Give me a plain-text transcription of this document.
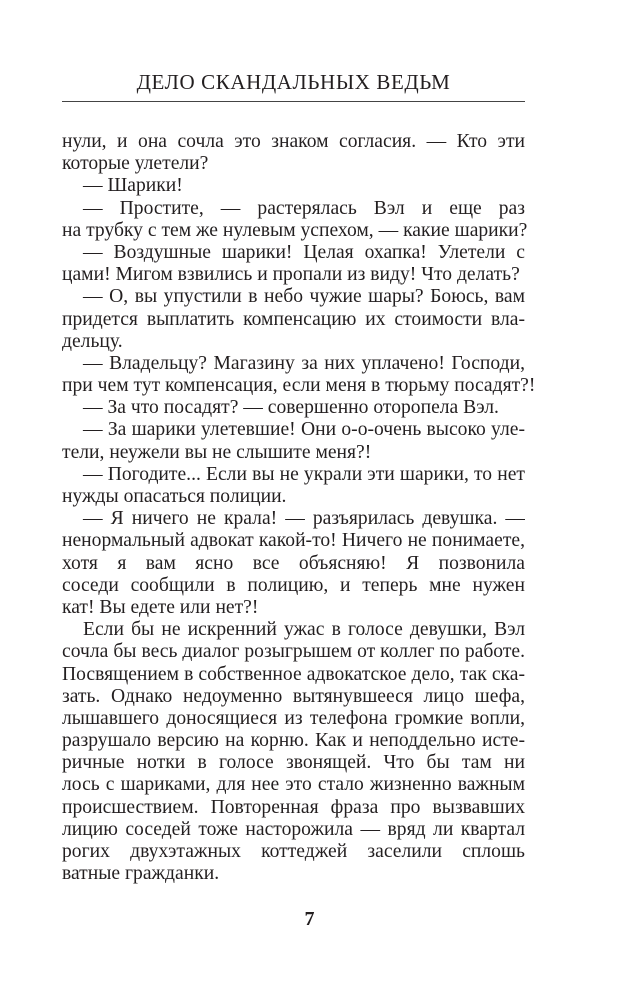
ДЕЛО СКАНДАЛЬНЫХ ВЕДЬМ
нули, и она сочла это знаком согласия. — Кто эти
которые улетели?
— Шарики!
— Простите, — растерялась Вэл и еще раз
на трубку с тем же нулевым успехом, — какие шарики?
— Воздушные шарики! Целая охапка! Улетели с
цами! Мигом взвились и пропали из виду! Что делать?
— О, вы упустили в небо чужие шары? Боюсь, вам
придется выплатить компенсацию их стоимости вла-
дельцу.
— Владельцу? Магазину за них уплачено! Господи,
при чем тут компенсация, если меня в тюрьму посадят?!
— За что посадят? — совершенно оторопела Вэл.
— За шарики улетевшие! Они о-о-очень высоко уле-
тели, неужели вы не слышите меня?!
— Погодите... Если вы не украли эти шарики, то нет
нужды опасаться полиции.
— Я ничего не крала! — разъярилась девушка. —
ненормальный адвокат какой-то! Ничего не понимаете,
хотя я вам ясно все объясняю! Я позвонила
соседи сообщили в полицию, и теперь мне нужен
кат! Вы едете или нет?!
Если бы не искренний ужас в голосе девушки, Вэл
сочла бы весь диалог розыгрышем от коллег по работе.
Посвящением в собственное адвокатское дело, так ска-
зать. Однако недоуменно вытянувшееся лицо шефа,
лышавшего доносящиеся из телефона громкие вопли,
разрушало версию на корню. Как и неподдельно исте-
ричные нотки в голосе звонящей. Что бы там ни
лось с шариками, для нее это стало жизненно важным
происшествием. Повторенная фраза про вызвавших
лицию соседей тоже насторожила — вряд ли квартал
рогих двухэтажных коттеджей заселили сплошь
ватные гражданки.
7
